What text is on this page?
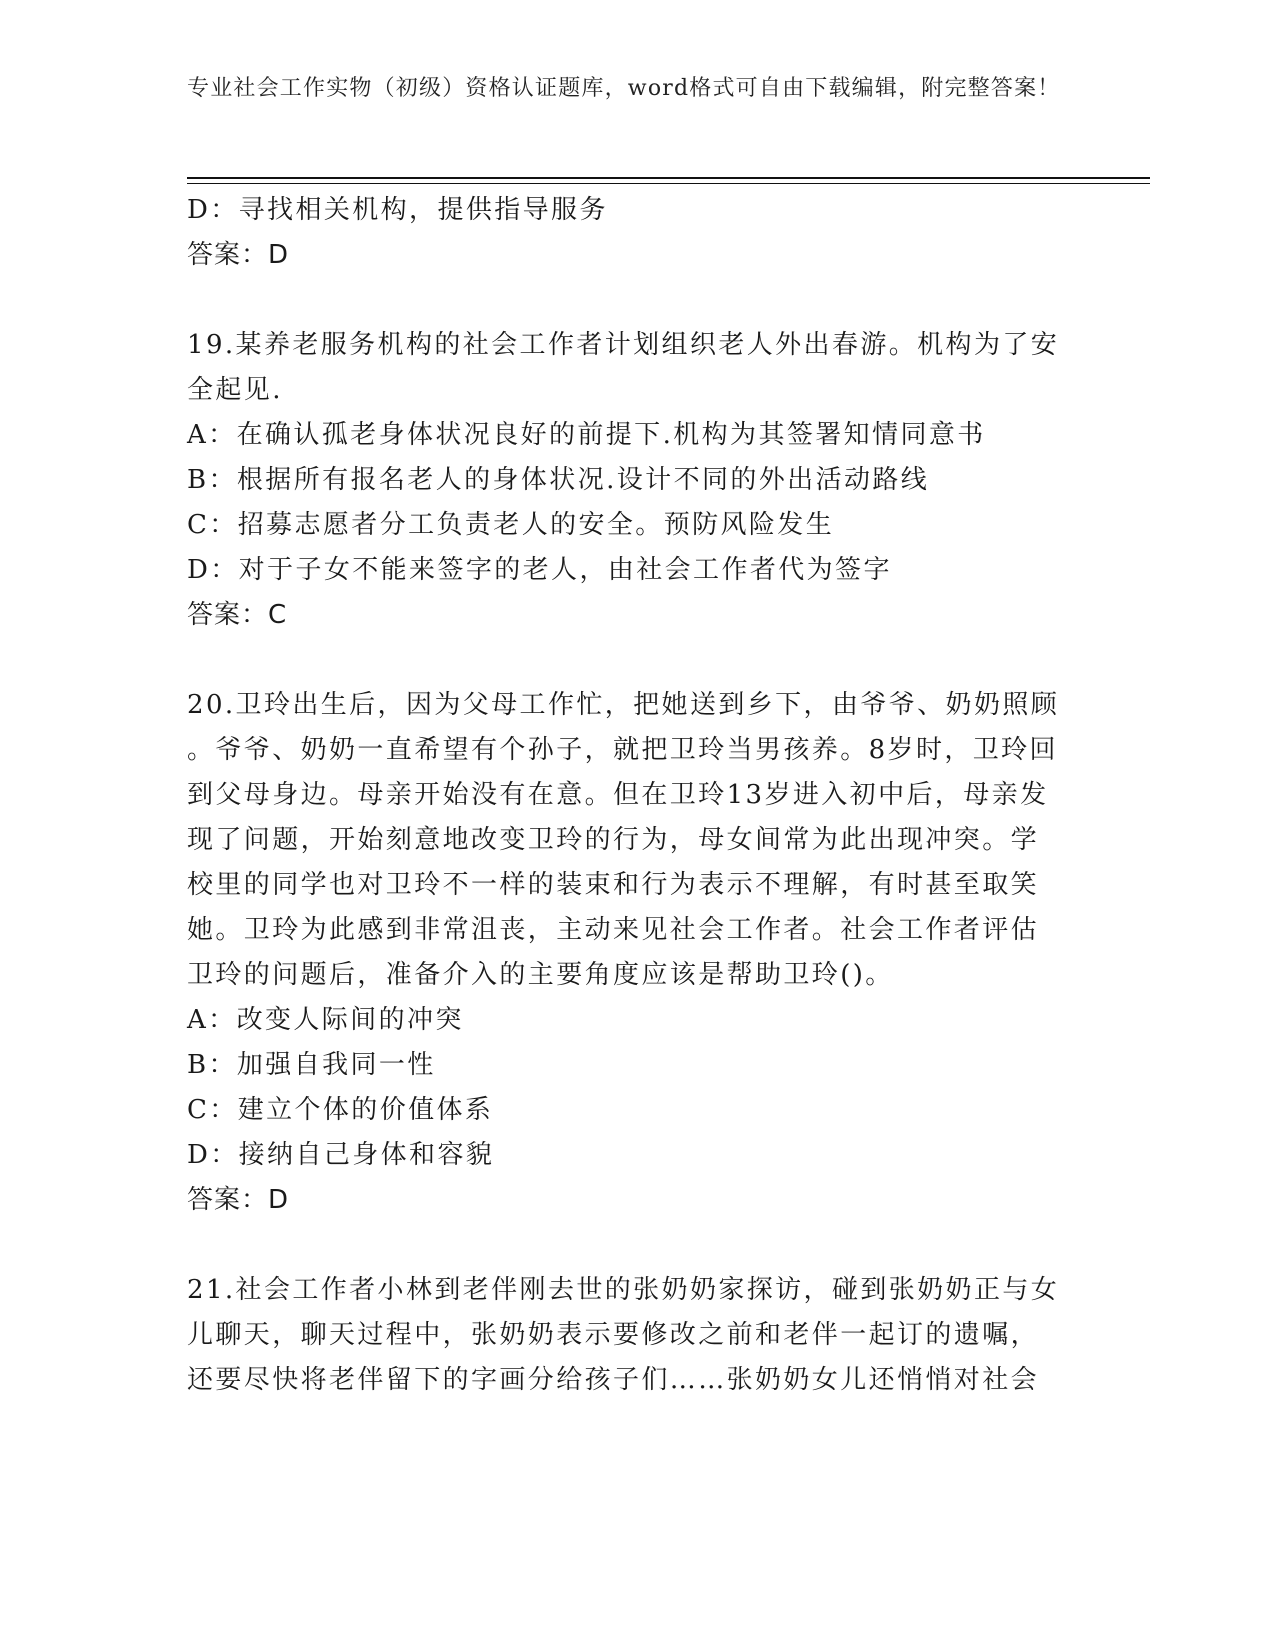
专业社会工作实物（初级）资格认证题库，word格式可自由下载编辑，附完整答案！

D：寻找相关机构，提供指导服务

答案：D

19.某养老服务机构的社会工作者计划组织老人外出春游。机构为了安

全起见.

A：在确认孤老身体状况良好的前提下.机构为其签署知情同意书

B：根据所有报名老人的身体状况.设计不同的外出活动路线

C：招募志愿者分工负责老人的安全。预防风险发生

D：对于子女不能来签字的老人，由社会工作者代为签字

答案：C

20.卫玲出生后，因为父母工作忙，把她送到乡下，由爷爷、奶奶照顾

。爷爷、奶奶一直希望有个孙子，就把卫玲当男孩养。8岁时，卫玲回

到父母身边。母亲开始没有在意。但在卫玲13岁进入初中后，母亲发

现了问题，开始刻意地改变卫玲的行为，母女间常为此出现冲突。学

校里的同学也对卫玲不一样的装束和行为表示不理解，有时甚至取笑

她。卫玲为此感到非常沮丧，主动来见社会工作者。社会工作者评估

卫玲的问题后，准备介入的主要角度应该是帮助卫玲()。

A：改变人际间的冲突

B：加强自我同一性

C：建立个体的价值体系

D：接纳自己身体和容貌

答案：D

21.社会工作者小林到老伴刚去世的张奶奶家探访，碰到张奶奶正与女

儿聊天，聊天过程中，张奶奶表示要修改之前和老伴一起订的遗嘱，

还要尽快将老伴留下的字画分给孩子们……张奶奶女儿还悄悄对社会
